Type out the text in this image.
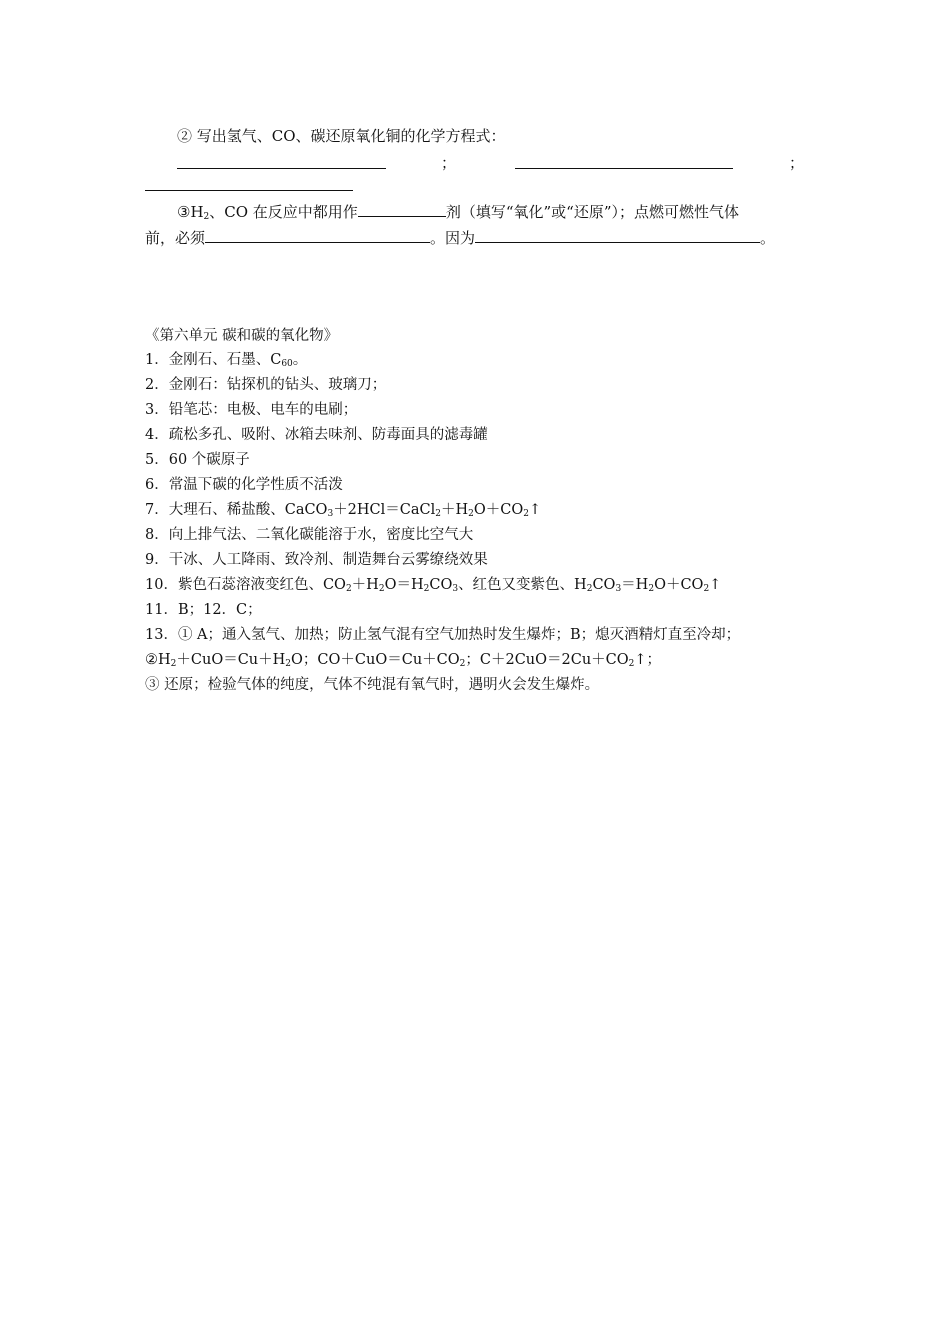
② 写出氢气、CO、碳还原氧化铜的化学方程式：
；	；
$③H_2$、CO 在反应中都用作	剂（填写“氧化”或“还原”）；点燃可燃性气体
前，必须	。因为	。
《第六单元 碳和碳的氧化物》
1．金刚石、石墨、$C_{60}$。
2．金刚石：钻探机的钻头、玻璃刀；
3．铅笔芯：电极、电车的电刷；
4．疏松多孔、吸附、冰箱去味剂、防毒面具的滤毒罐
5．60 个碳原子
6．常温下碳的化学性质不活泼
7．大理石、稀盐酸、$CaCO_3+2HCl=CaCl_2+H_2O+CO_2↑$
8．向上排气法、二氧化碳能溶于水，密度比空气大
9．干冰、人工降雨、致冷剂、制造舞台云雾缭绕效果
10．紫色石蕊溶液变红色、$CO_2+H_2O=H_2CO_3$、红色又变紫色、$H_2CO_3=H_2O+CO_2↑$
11．B；12．C；
13．① A；通入氢气、加热；防止氢气混有空气加热时发生爆炸；B；熄灭酒精灯直至冷却；
$②H_2+CuO=Cu+H_2O$；$CO+CuO=Cu+CO_2$；$C+2CuO=2Cu+CO_2↑$；
③ 还原；检验气体的纯度，气体不纯混有氧气时，遇明火会发生爆炸。
